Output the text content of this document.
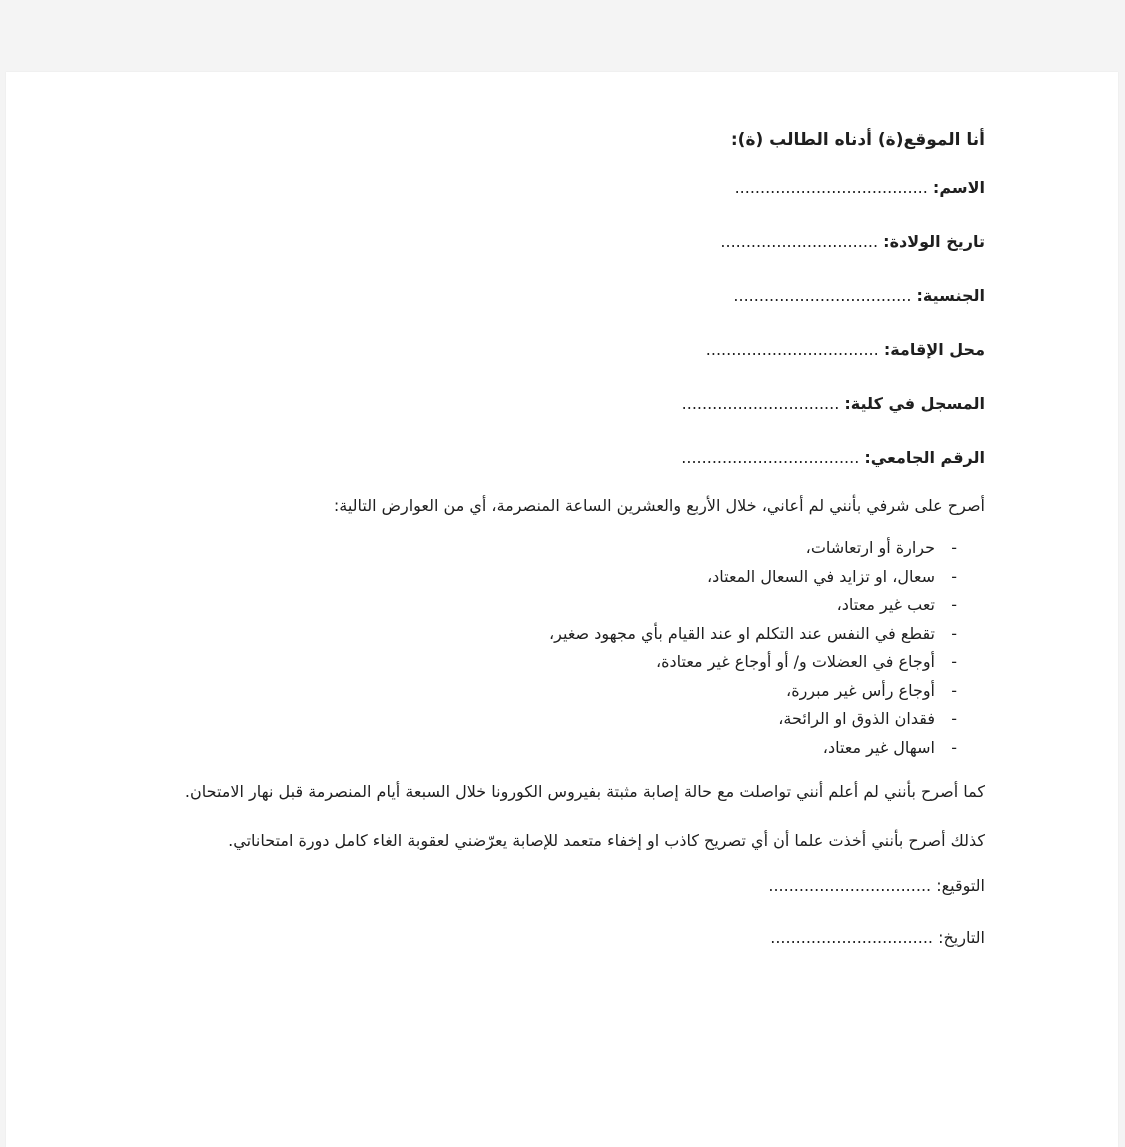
أنا الموقع(ة) أدناه الطالب (ة):
الاسم: ......................................
تاريخ الولادة: ...............................
الجنسية: ...................................
محل الإقامة: ..................................
المسجل في كلية: ...............................
الرقم الجامعي: ...................................
أصرح على شرفي بأنني لم أعاني، خلال الأربع والعشرين الساعة المنصرمة، أي من العوارض التالية:
-حرارة أو ارتعاشات،
-سعال، او تزايد في السعال المعتاد،
-تعب غير معتاد،
-تقطع في النفس عند التكلم او عند القيام بأي مجهود صغير،
-أوجاع في العضلات و/ أو أوجاع غير معتادة،
-أوجاع رأس غير مبررة،
-فقدان الذوق او الرائحة،
-اسهال غير معتاد،
كما أصرح بأنني لم أعلم أنني تواصلت مع حالة إصابة مثبتة بفيروس الكورونا خلال السبعة أيام المنصرمة قبل نهار الامتحان.
كذلك أصرح بأنني أخذت علما أن أي تصريح كاذب او إخفاء متعمد للإصابة يعرّضني لعقوبة الغاء كامل دورة امتحاناتي.
التوقيع: ................................
التاريخ: ................................
